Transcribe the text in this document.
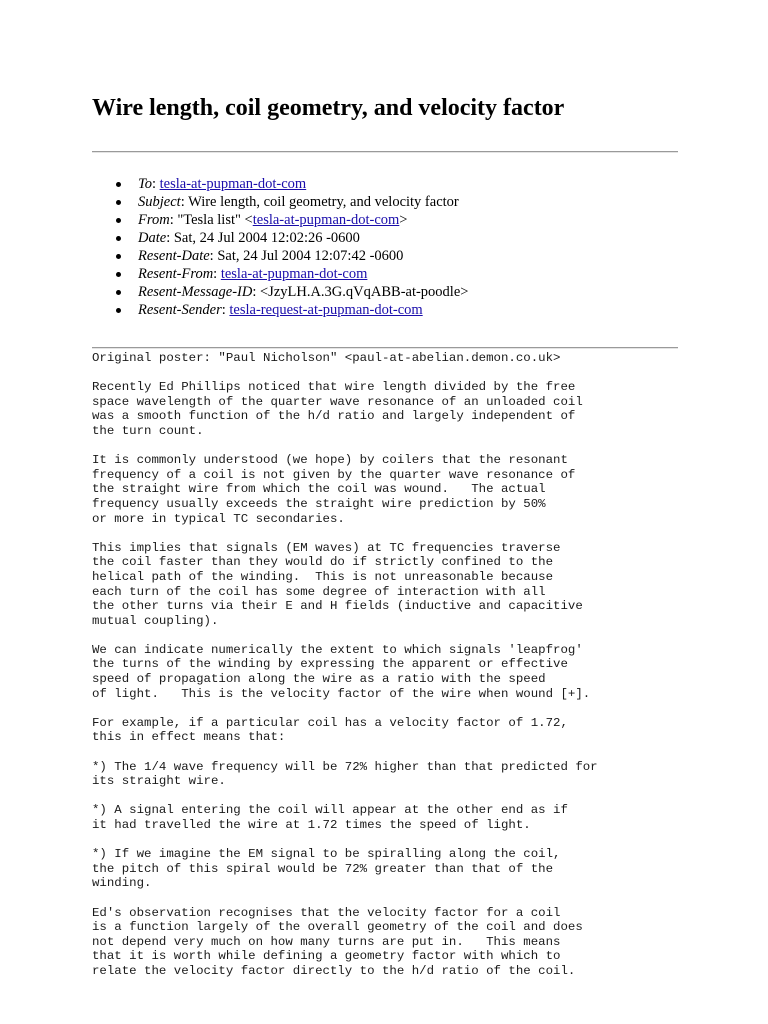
Wire length, coil geometry, and velocity factor
To: tesla-at-pupman-dot-com
Subject: Wire length, coil geometry, and velocity factor
From: "Tesla list" <tesla-at-pupman-dot-com>
Date: Sat, 24 Jul 2004 12:02:26 -0600
Resent-Date: Sat, 24 Jul 2004 12:07:42 -0600
Resent-From: tesla-at-pupman-dot-com
Resent-Message-ID: <JzyLH.A.3G.qVqABB-at-poodle>
Resent-Sender: tesla-request-at-pupman-dot-com
Original poster: "Paul Nicholson" <paul-at-abelian.demon.co.uk>

Recently Ed Phillips noticed that wire length divided by the free
space wavelength of the quarter wave resonance of an unloaded coil
was a smooth function of the h/d ratio and largely independent of
the turn count.

It is commonly understood (we hope) by coilers that the resonant
frequency of a coil is not given by the quarter wave resonance of
the straight wire from which the coil was wound.   The actual
frequency usually exceeds the straight wire prediction by 50%
or more in typical TC secondaries.

This implies that signals (EM waves) at TC frequencies traverse
the coil faster than they would do if strictly confined to the
helical path of the winding.  This is not unreasonable because
each turn of the coil has some degree of interaction with all
the other turns via their E and H fields (inductive and capacitive
mutual coupling).

We can indicate numerically the extent to which signals 'leapfrog'
the turns of the winding by expressing the apparent or effective
speed of propagation along the wire as a ratio with the speed
of light.   This is the velocity factor of the wire when wound [+].

For example, if a particular coil has a velocity factor of 1.72,
this in effect means that:

*) The 1/4 wave frequency will be 72% higher than that predicted for
its straight wire.

*) A signal entering the coil will appear at the other end as if
it had travelled the wire at 1.72 times the speed of light.

*) If we imagine the EM signal to be spiralling along the coil,
the pitch of this spiral would be 72% greater than that of the
winding.

Ed's observation recognises that the velocity factor for a coil
is a function largely of the overall geometry of the coil and does
not depend very much on how many turns are put in.   This means
that it is worth while defining a geometry factor with which to
relate the velocity factor directly to the h/d ratio of the coil.
